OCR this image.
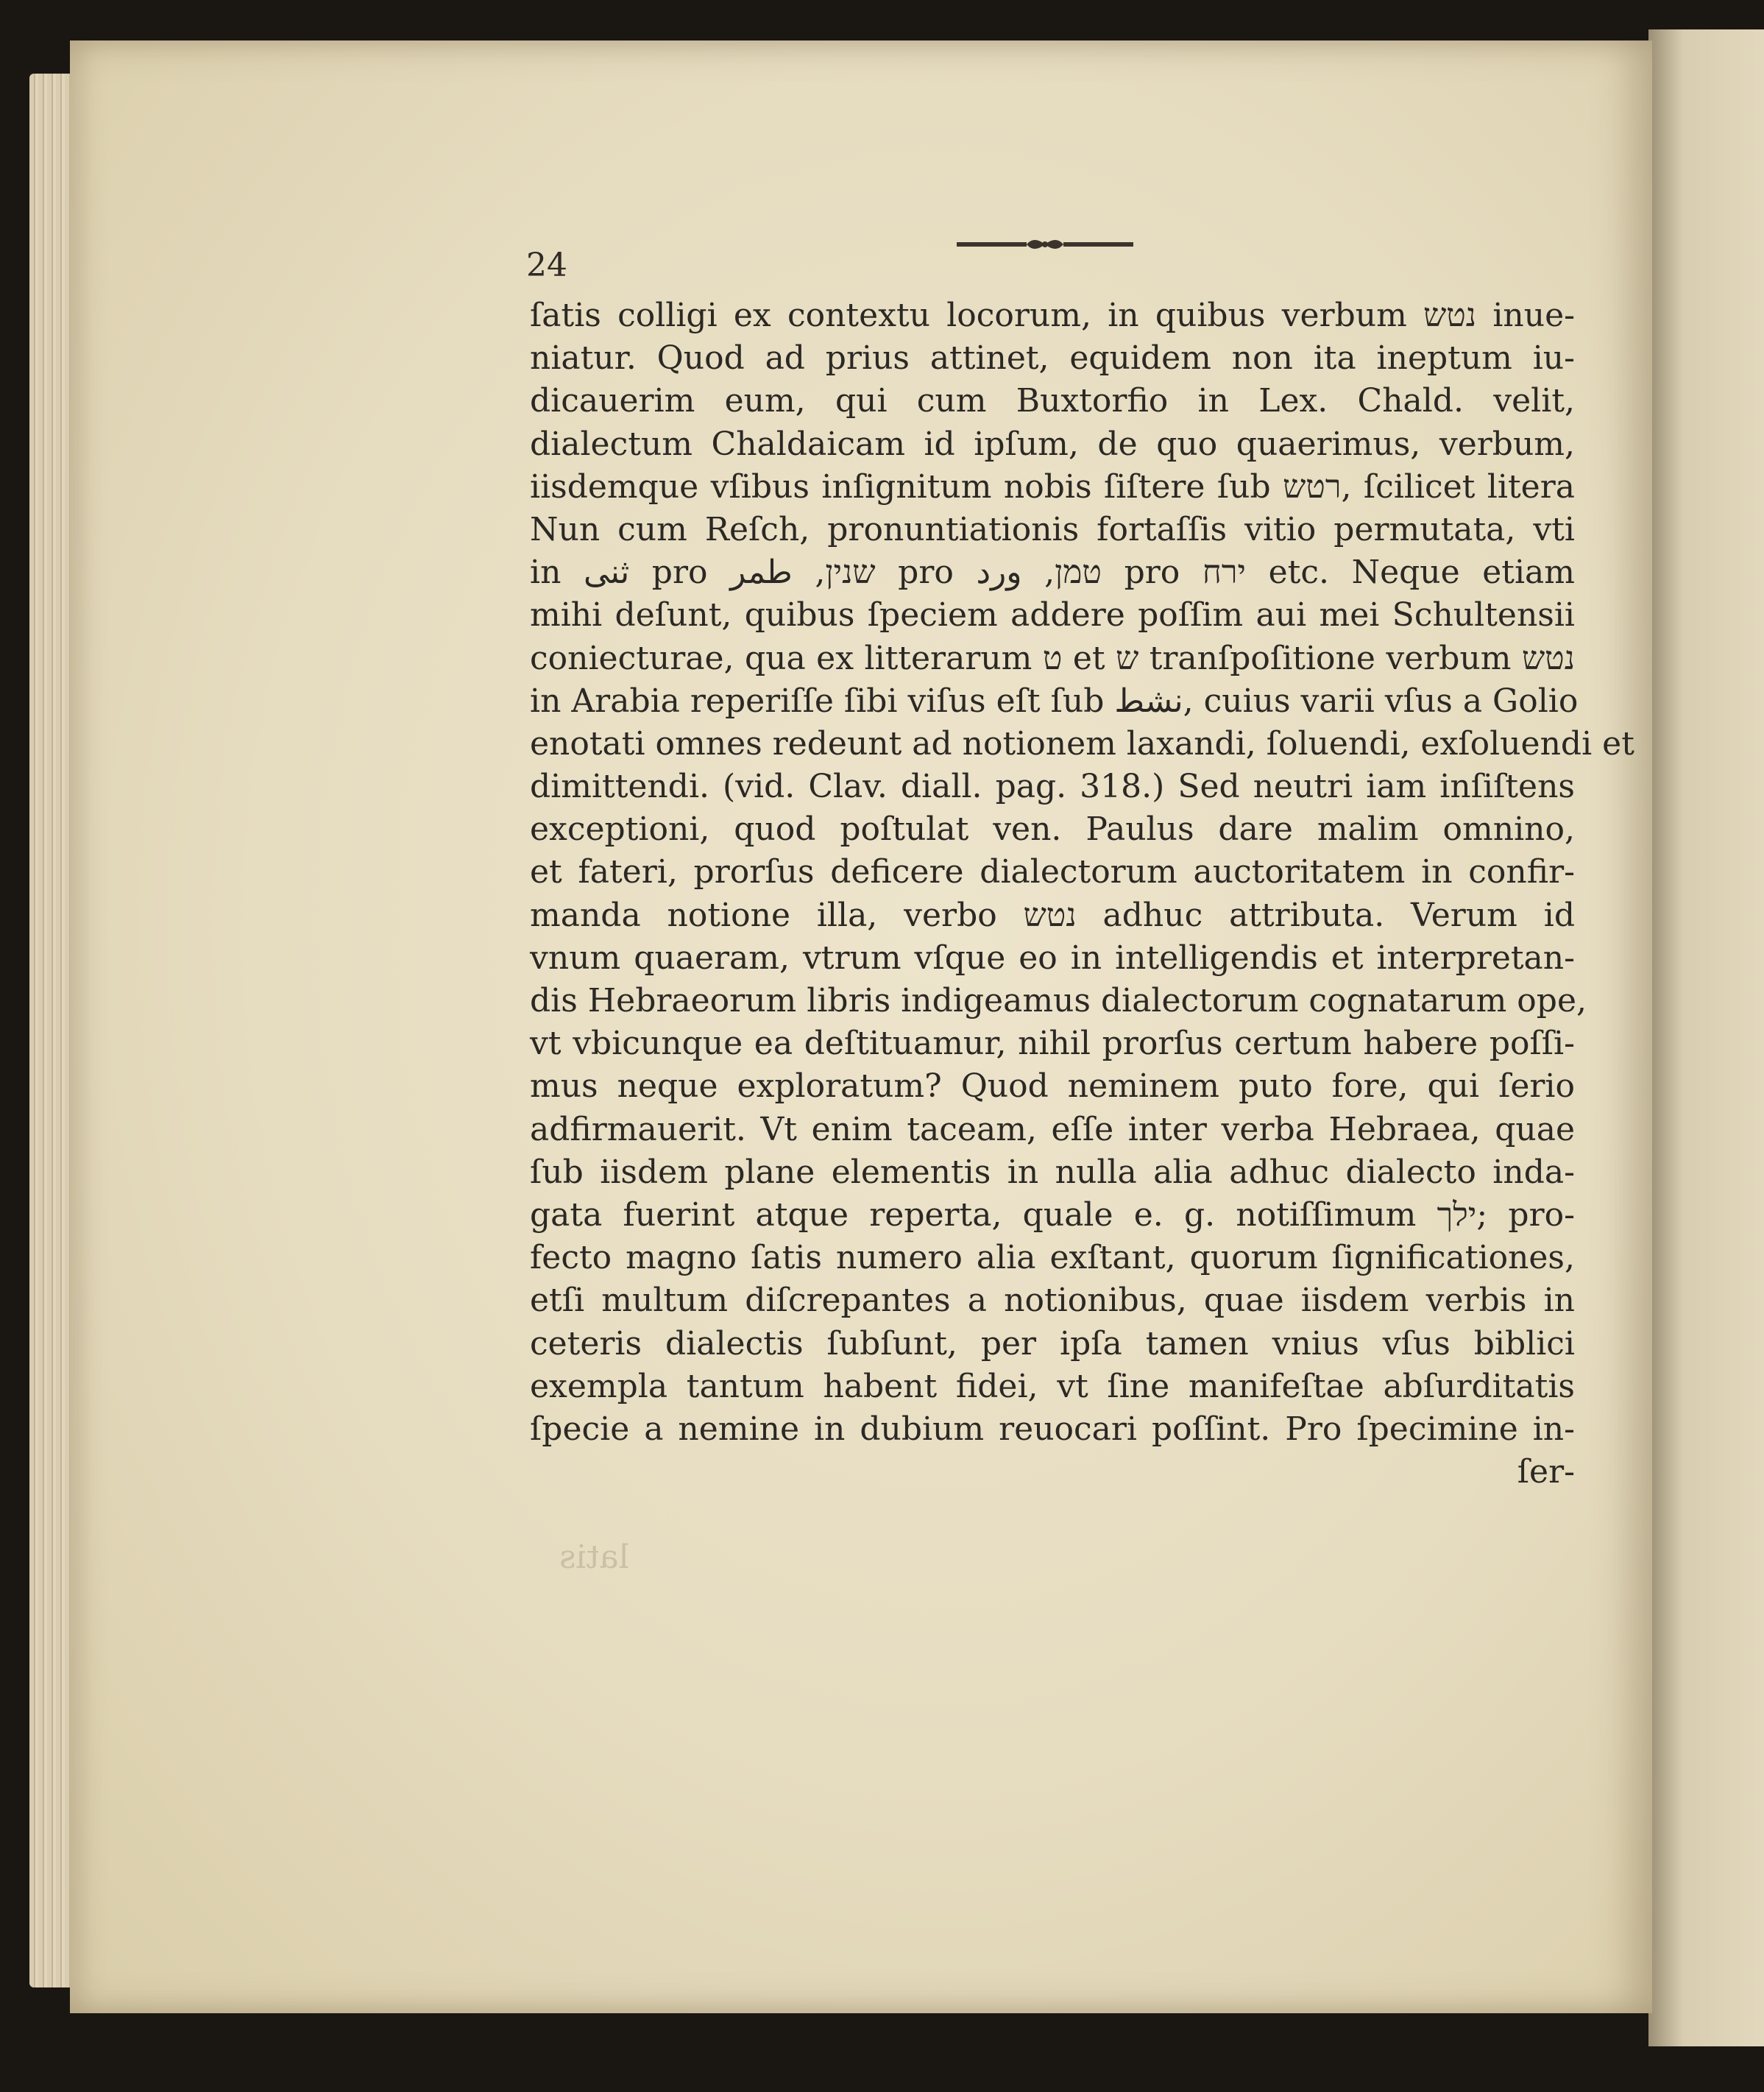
24
ſatis colligi ex contextu locorum, in quibus verbum נטש inue-
niatur. Quod ad prius attinet, equidem non ita ineptum iu-
dicauerim eum, qui cum Buxtorfio in Lex. Chald. velit,
dialectum Chaldaicam id ipſum, de quo quaerimus, verbum,
iisdemque vſibus inſignitum nobis ſiſtere ſub רטש, ſcilicet litera
Nun cum Reſch, pronuntiationis fortaſſis vitio permutata, vti
in ثنى pro שנין, طمر pro טמן, ورد pro ירח etc. Neque etiam
mihi deſunt, quibus ſpeciem addere poſſim aui mei Schultensii
coniecturae, qua ex litterarum ט et ש tranſpoſitione verbum נטש
in Arabia reperiſſe ſibi viſus eſt ſub نشط, cuius varii vſus a Golio
enotati omnes redeunt ad notionem laxandi, ſoluendi, exſoluendi et
dimittendi. (vid. Clav. diall. pag. 318.) Sed neutri iam inſiſtens
exceptioni, quod poſtulat ven. Paulus dare malim omnino,
et fateri, prorſus deficere dialectorum auctoritatem in confir-
manda notione illa, verbo נטש adhuc attributa. Verum id
vnum quaeram, vtrum vſque eo in intelligendis et interpretan-
dis Hebraeorum libris indigeamus dialectorum cognatarum ope,
vt vbicunque ea deſtituamur, nihil prorſus certum habere poſſi-
mus neque exploratum? Quod neminem puto fore, qui ſerio
adfirmauerit. Vt enim taceam, eſſe inter verba Hebraea, quae
ſub iisdem plane elementis in nulla alia adhuc dialecto inda-
gata fuerint atque reperta, quale e. g. notiſſimum ילך; pro-
fecto magno ſatis numero alia exſtant, quorum ſignificationes,
etſi multum diſcrepantes a notionibus, quae iisdem verbis in
ceteris dialectis ſubſunt, per ipſa tamen vnius vſus biblici
exempla tantum habent fidei, vt ſine manifeſtae abſurditatis
ſpecie a nemine in dubium reuocari poſſint. Pro ſpecimine in-
ſer-
latis
